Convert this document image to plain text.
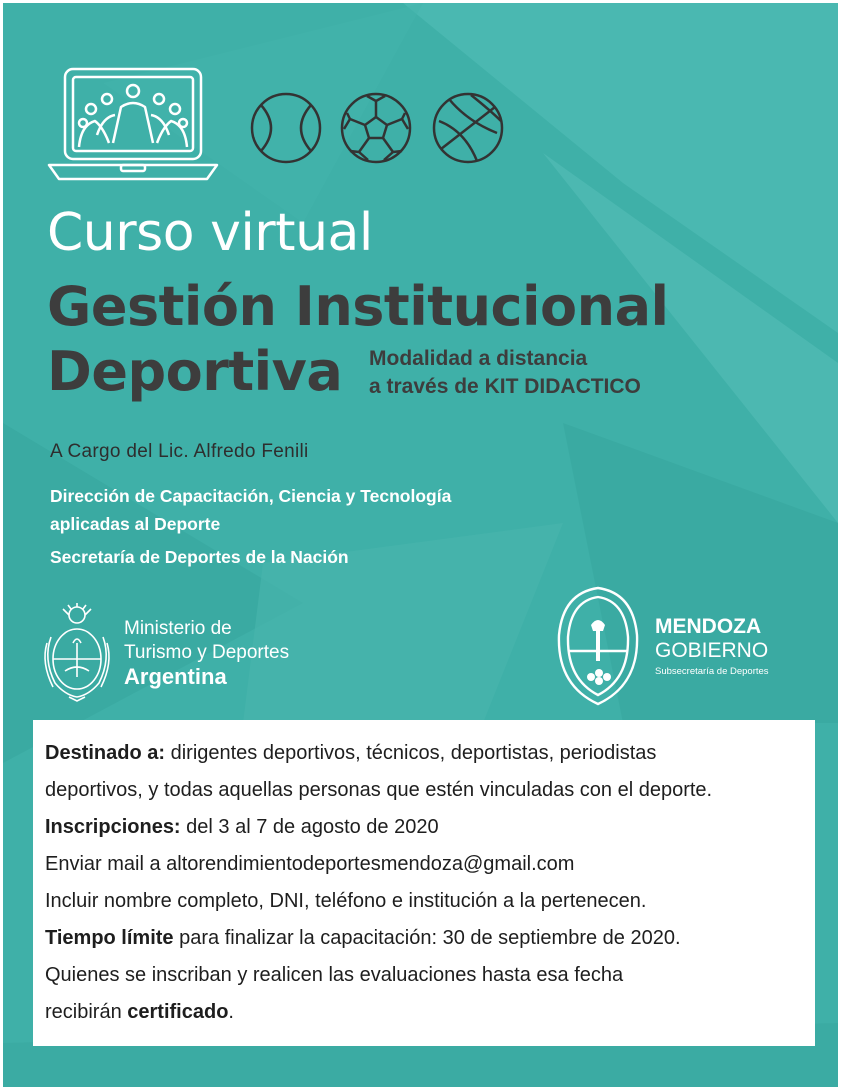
Curso virtual
Gestión Institucional
Deportiva Modalidad a distancia
a través de KIT DIDACTICO
A Cargo del Lic. Alfredo Fenili
Dirección de Capacitación, Ciencia y Tecnología
aplicadas al Deporte
Secretaría de Deportes de la Nación
Ministerio de
Turismo y Deportes
Argentina
MENDOZA
GOBIERNO
Subsecretaría de Deportes

Destinado a: dirigentes deportivos, técnicos, deportistas, periodistas

deportivos, y todas aquellas personas que estén vinculadas con el deporte.

Inscripciones: del 3 al 7 de agosto de 2020

Enviar mail a altorendimientodeportesmendoza@gmail.com

Incluir nombre completo, DNI, teléfono e institución a la pertenecen.

Tiempo límite para finalizar la capacitación: 30 de septiembre de 2020.

Quienes se inscriban y realicen las evaluaciones hasta esa fecha

recibirán certificado.
